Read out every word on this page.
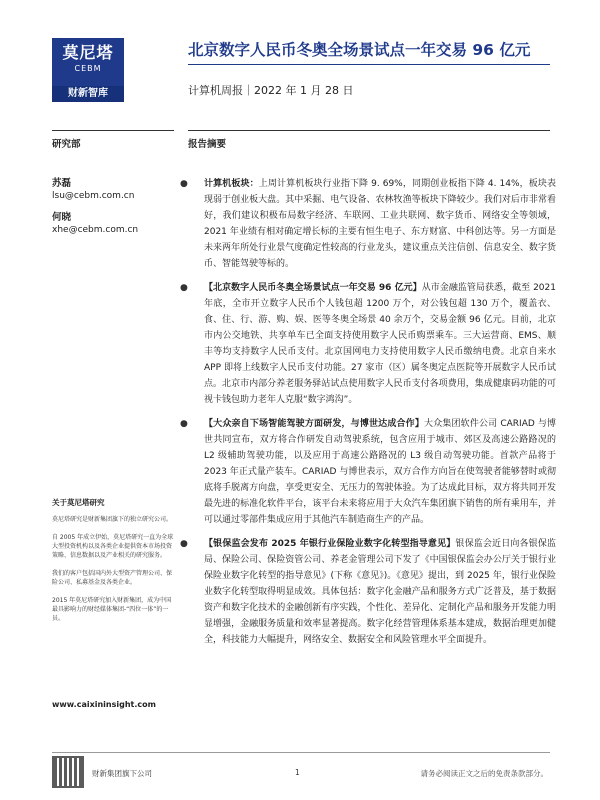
莫尼塔
CEBM
财新智库
北京数字人民币冬奥全场景试点一年交易 96 亿元
计算机周报｜2022 年 1 月 28 日
研究部	报告摘要
苏磊
lsu@cebm.com.cn
何晓
xhe@cebm.com.cn
关于莫尼塔研究
莫尼塔研究是财新集团旗下的独立研究公司。
自 2005 年成立伊始，莫尼塔研究一直为全球大型投资机构以及各类企业提供资本市场投资策略、信息数据以及产业相关的研究服务。
我们的客户包括国内外大型资产管理公司、保险公司、私募基金及各类企业。
2015 年莫尼塔研究加入财新集团，成为中国最具影响力的财经媒体集团-“四位一体”的一员。
www.caixininsight.com
● 计算机板块：上周计算机板块行业指下降 9. 69%，同期创业板指下降 4. 14%，板块表现弱于创业板大盘。其中采掘、电气设备、农林牧渔等板块下降较少。我们对后市非常看好，我们建议积极布局数字经济、车联网、工业共联网、数字货币、网络安全等领域，2021 年业绩有相对确定增长标的主要有恒生电子、东方财富、中科创达等。另一方面是未来两年所处行业景气度确定性较高的行业龙头，建议重点关注信创、信息安全、数字货币、智能驾驶等标的。
● 【北京数字人民币冬奥全场景试点一年交易 96 亿元】从市金融监管局获悉，截至 2021 年底，全市开立数字人民币个人钱包超 1200 万个，对公钱包超 130 万个，覆盖衣、食、住、行、游、购、娱、医等冬奥全场景 40 余万个，交易金额 96 亿元。目前，北京市内公交地铁、共享单车已全面支持使用数字人民币购票乘车。三大运营商、EMS、顺丰等均支持数字人民币支付。北京国网电力支持使用数字人民币缴纳电费。北京自来水 APP 即将上线数字人民币支付功能。27 家市（区）属冬奥定点医院等开展数字人民币试点。北京市内部分养老服务驿站试点使用数字人民币支付各项费用，集成健康码功能的可视卡钱包助力老年人克服“数字鸿沟”。
● 【大众亲自下场智能驾驶方面研发，与博世达成合作】大众集团软件公司 CARIAD 与博世共同宣布，双方将合作研发自动驾驶系统，包含应用于城市、郊区及高速公路路况的 L2 级辅助驾驶功能，以及应用于高速公路路况的 L3 级自动驾驶功能。首款产品将于 2023 年正式量产装车。CARIAD 与博世表示，双方合作方向旨在使驾驶者能够替时或彻底将手脱离方向盘，享受更安全、无压力的驾驶体验。为了达成此目标，双方将共同开发最先进的标准化软件平台，该平台未来将应用于大众汽车集团旗下销售的所有乘用车，并可以通过零部件集成应用于其他汽车制造商生产的产品。
● 【银保监会发布 2025 年银行业保险业数字化转型指导意见】银保监会近日向各银保监局、保险公司、保险资管公司、养老金管理公司下发了《中国银保监会办公厅关于银行业保险业数字化转型的指导意见》(下称《意见》)。《意见》提出，到 2025 年，银行业保险业数字化转型取得明显成效。具体包括：数字化金融产品和服务方式广泛普及，基于数据资产和数字化技术的金融创新有序实践，个性化、差异化、定制化产品和服务开发能力明显增强，金融服务质量和效率显著提高。数字化经营管理体系基本建成，数据治理更加健全，科技能力大幅提升，网络安全、数据安全和风险管理水平全面提升。
财新集团旗下公司	1	请务必阅读正文之后的免责条款部分。
